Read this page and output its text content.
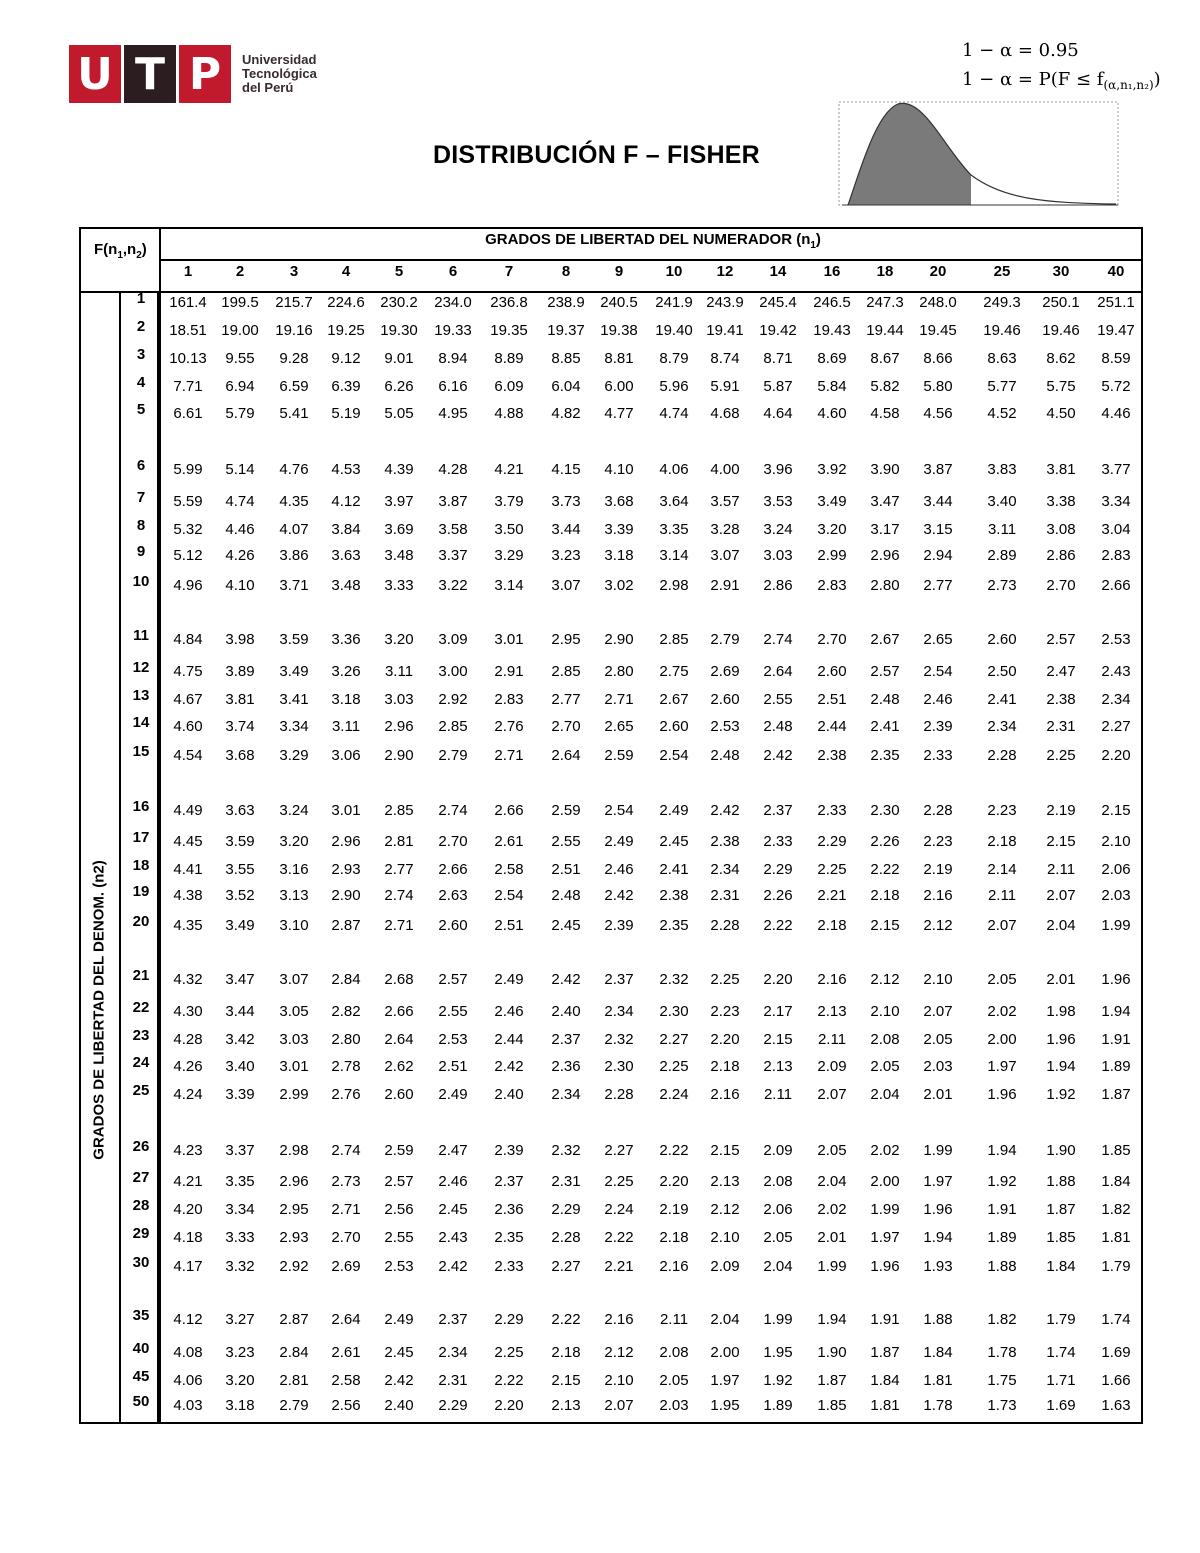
U T P	Universidad
Tecnológica
del Perú
1 − α = 0.95
$1 - \alpha = P(F \le f_{(\alpha,n_1,n_2)})$
DISTRIBUCIÓN F – FISHER
$F(n_1,n_2)$
GRADOS DE LIBERTAD DEL NUMERADOR $(n_1)$
GRADOS DE LIBERTAD DEL DENOM. (n2)
1	2	3	4	5	6	7	8	9	10 12 14 16 18 20	25	30	40
1 161.4 199.5 215.7 224.6 230.2 234.0 236.8 238.9 240.5 241.9 243.9 245.4 246.5 247.3 248.0 249.3 250.1 251.1
2 18.51 19.00 19.16 19.25 19.30 19.33 19.35 19.37 19.38 19.40 19.41 19.42 19.43 19.44 19.45 19.46 19.46 19.47
3 10.13 9.55 9.28 9.12 9.01 8.94 8.89 8.85 8.81 8.79 8.74 8.71 8.69 8.67 8.66 8.63 8.62 8.59
4 7.71 6.94 6.59 6.39 6.26 6.16 6.09 6.04 6.00 5.96 5.91 5.87 5.84 5.82 5.80 5.77 5.75 5.72
5 6.61 5.79 5.41 5.19 5.05 4.95 4.88 4.82 4.77 4.74 4.68 4.64 4.60 4.58 4.56 4.52 4.50 4.46
6 5.99 5.14 4.76 4.53 4.39 4.28 4.21 4.15 4.10 4.06 4.00 3.96 3.92 3.90 3.87 3.83 3.81 3.77
7 5.59 4.74 4.35 4.12 3.97 3.87 3.79 3.73 3.68 3.64 3.57 3.53 3.49 3.47 3.44 3.40 3.38 3.34
8 5.32 4.46 4.07 3.84 3.69 3.58 3.50 3.44 3.39 3.35 3.28 3.24 3.20 3.17 3.15 3.11 3.08 3.04
9 5.12 4.26 3.86 3.63 3.48 3.37 3.29 3.23 3.18 3.14 3.07 3.03 2.99 2.96 2.94 2.89 2.86 2.83
10 4.96 4.10 3.71 3.48 3.33 3.22 3.14 3.07 3.02 2.98 2.91 2.86 2.83 2.80 2.77 2.73 2.70 2.66
11 4.84 3.98 3.59 3.36 3.20 3.09 3.01 2.95 2.90 2.85 2.79 2.74 2.70 2.67 2.65 2.60 2.57 2.53
12 4.75 3.89 3.49 3.26 3.11 3.00 2.91 2.85 2.80 2.75 2.69 2.64 2.60 2.57 2.54 2.50 2.47 2.43
13 4.67 3.81 3.41 3.18 3.03 2.92 2.83 2.77 2.71 2.67 2.60 2.55 2.51 2.48 2.46 2.41 2.38 2.34
14 4.60 3.74 3.34 3.11 2.96 2.85 2.76 2.70 2.65 2.60 2.53 2.48 2.44 2.41 2.39 2.34 2.31 2.27
15 4.54 3.68 3.29 3.06 2.90 2.79 2.71 2.64 2.59 2.54 2.48 2.42 2.38 2.35 2.33 2.28 2.25 2.20
16 4.49 3.63 3.24 3.01 2.85 2.74 2.66 2.59 2.54 2.49 2.42 2.37 2.33 2.30 2.28 2.23 2.19 2.15
17 4.45 3.59 3.20 2.96 2.81 2.70 2.61 2.55 2.49 2.45 2.38 2.33 2.29 2.26 2.23 2.18 2.15 2.10
18 4.41 3.55 3.16 2.93 2.77 2.66 2.58 2.51 2.46 2.41 2.34 2.29 2.25 2.22 2.19 2.14 2.11 2.06
19 4.38 3.52 3.13 2.90 2.74 2.63 2.54 2.48 2.42 2.38 2.31 2.26 2.21 2.18 2.16 2.11 2.07 2.03
20 4.35 3.49 3.10 2.87 2.71 2.60 2.51 2.45 2.39 2.35 2.28 2.22 2.18 2.15 2.12 2.07 2.04 1.99
21 4.32 3.47 3.07 2.84 2.68 2.57 2.49 2.42 2.37 2.32 2.25 2.20 2.16 2.12 2.10 2.05 2.01 1.96
22 4.30 3.44 3.05 2.82 2.66 2.55 2.46 2.40 2.34 2.30 2.23 2.17 2.13 2.10 2.07 2.02 1.98 1.94
23 4.28 3.42 3.03 2.80 2.64 2.53 2.44 2.37 2.32 2.27 2.20 2.15 2.11 2.08 2.05 2.00 1.96 1.91
24 4.26 3.40 3.01 2.78 2.62 2.51 2.42 2.36 2.30 2.25 2.18 2.13 2.09 2.05 2.03 1.97 1.94 1.89
25 4.24 3.39 2.99 2.76 2.60 2.49 2.40 2.34 2.28 2.24 2.16 2.11 2.07 2.04 2.01 1.96 1.92 1.87
26 4.23 3.37 2.98 2.74 2.59 2.47 2.39 2.32 2.27 2.22 2.15 2.09 2.05 2.02 1.99 1.94 1.90 1.85
27 4.21 3.35 2.96 2.73 2.57 2.46 2.37 2.31 2.25 2.20 2.13 2.08 2.04 2.00 1.97 1.92 1.88 1.84
28 4.20 3.34 2.95 2.71 2.56 2.45 2.36 2.29 2.24 2.19 2.12 2.06 2.02 1.99 1.96 1.91 1.87 1.82
29 4.18 3.33 2.93 2.70 2.55 2.43 2.35 2.28 2.22 2.18 2.10 2.05 2.01 1.97 1.94 1.89 1.85 1.81
30 4.17 3.32 2.92 2.69 2.53 2.42 2.33 2.27 2.21 2.16 2.09 2.04 1.99 1.96 1.93 1.88 1.84 1.79
35 4.12 3.27 2.87 2.64 2.49 2.37 2.29 2.22 2.16 2.11 2.04 1.99 1.94 1.91 1.88 1.82 1.79 1.74
40 4.08 3.23 2.84 2.61 2.45 2.34 2.25 2.18 2.12 2.08 2.00 1.95 1.90 1.87 1.84 1.78 1.74 1.69
45 4.06 3.20 2.81 2.58 2.42 2.31 2.22 2.15 2.10 2.05 1.97 1.92 1.87 1.84 1.81 1.75 1.71 1.66
50 4.03 3.18 2.79 2.56 2.40 2.29 2.20 2.13 2.07 2.03 1.95 1.89 1.85 1.81 1.78 1.73 1.69 1.63
